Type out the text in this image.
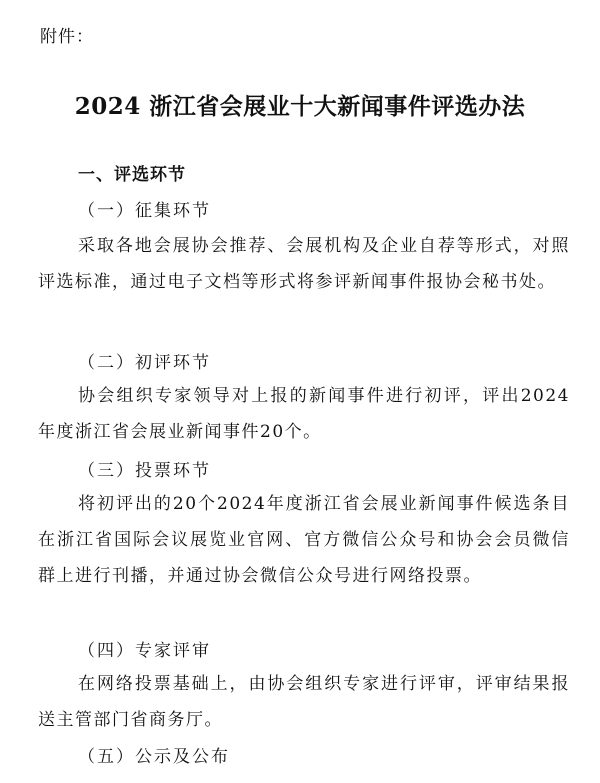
附件：
2024 浙江省会展业十大新闻事件评选办法
一、评选环节
（一）征集环节

采取各地会展协会推荐、会展机构及企业自荐等形式，对照评选标准，通过电子文档等形式将参评新闻事件报协会秘书处。

（二）初评环节

协会组织专家领导对上报的新闻事件进行初评，评出2024年度浙江省会展业新闻事件20个。

（三）投票环节

将初评出的20个2024年度浙江省会展业新闻事件候选条目在浙江省国际会议展览业官网、官方微信公众号和协会会员微信群上进行刊播，并通过协会微信公众号进行网络投票。

（四）专家评审

在网络投票基础上，由协会组织专家进行评审，评审结果报送主管部门省商务厅。

（五）公示及公布
